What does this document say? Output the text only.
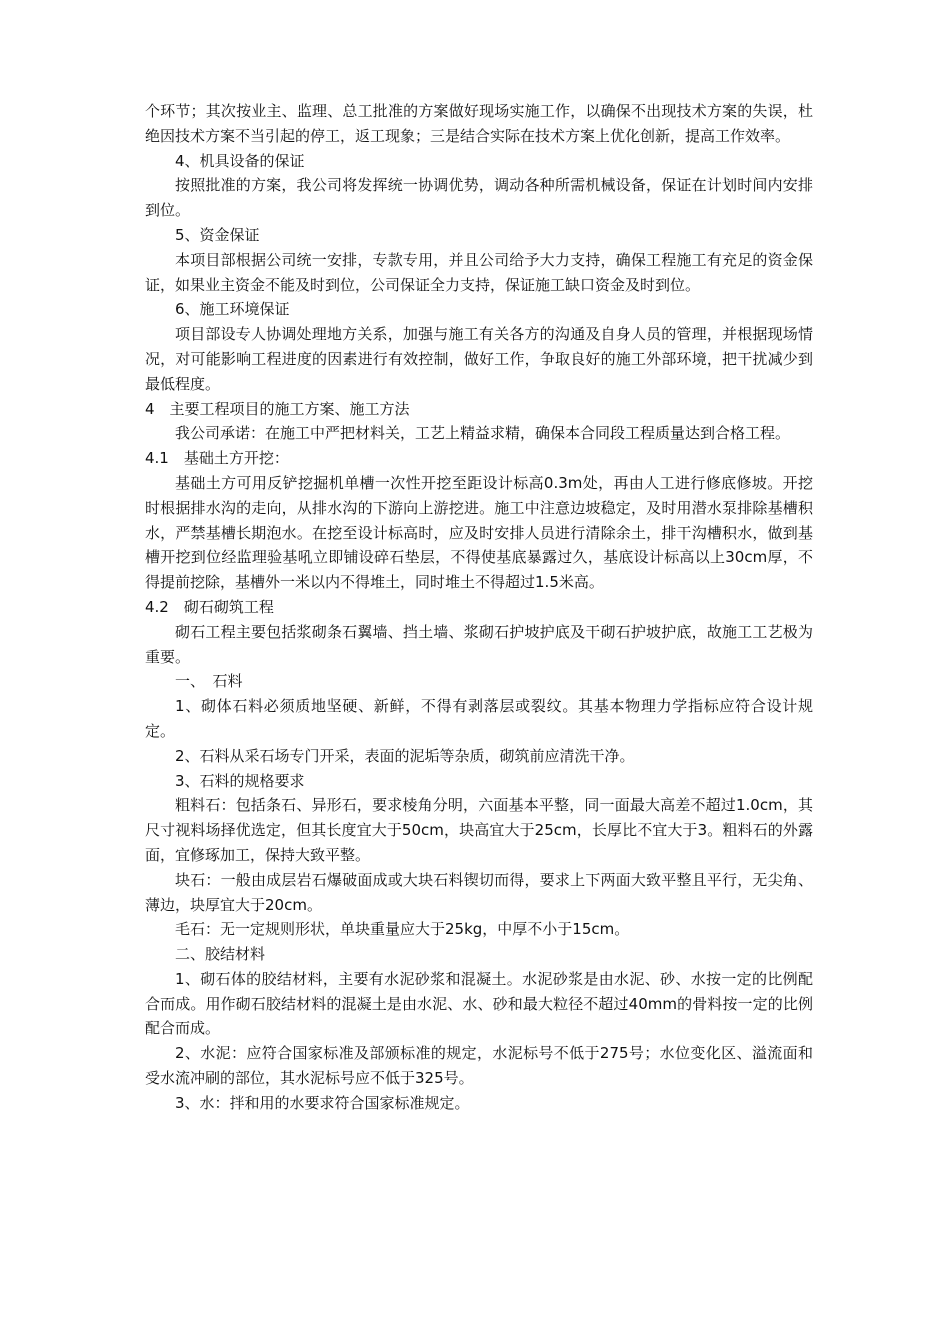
个环节；其次按业主、监理、总工批准的方案做好现场实施工作，以确保不出现技术方案的失误，杜绝因技术方案不当引起的停工，返工现象；三是结合实际在技术方案上优化创新，提高工作效率。

4、机具设备的保证

按照批准的方案，我公司将发挥统一协调优势，调动各种所需机械设备，保证在计划时间内安排到位。

5、资金保证

本项目部根据公司统一安排，专款专用，并且公司给予大力支持，确保工程施工有充足的资金保证，如果业主资金不能及时到位，公司保证全力支持，保证施工缺口资金及时到位。

6、施工环境保证

项目部设专人协调处理地方关系，加强与施工有关各方的沟通及自身人员的管理，并根据现场情况，对可能影响工程进度的因素进行有效控制，做好工作，争取良好的施工外部环境，把干扰减少到最低程度。

4　主要工程项目的施工方案、施工方法

我公司承诺：在施工中严把材料关，工艺上精益求精，确保本合同段工程质量达到合格工程。

4.1　基础土方开挖：

基础土方可用反铲挖掘机单槽一次性开挖至距设计标高0.3m处，再由人工进行修底修坡。开挖时根据排水沟的走向，从排水沟的下游向上游挖进。施工中注意边坡稳定，及时用潜水泵排除基槽积水，严禁基槽长期泡水。在挖至设计标高时，应及时安排人员进行清除余土，排干沟槽积水，做到基槽开挖到位经监理验基吼立即铺设碎石垫层，不得使基底暴露过久，基底设计标高以上30cm厚，不得提前挖除，基槽外一米以内不得堆土，同时堆土不得超过1.5米高。

4.2　砌石砌筑工程

砌石工程主要包括浆砌条石翼墙、挡土墙、浆砌石护坡护底及干砌石护坡护底，故施工工艺极为重要。

一、　石料

1、砌体石料必须质地坚硬、新鲜，不得有剥落层或裂纹。其基本物理力学指标应符合设计规定。

2、石料从采石场专门开采，表面的泥垢等杂质，砌筑前应清洗干净。

3、石料的规格要求

粗料石：包括条石、异形石，要求棱角分明，六面基本平整，同一面最大高差不超过1.0cm，其尺寸视料场择优选定，但其长度宜大于50cm，块高宜大于25cm，长厚比不宜大于3。粗料石的外露面，宜修琢加工，保持大致平整。

块石：一般由成层岩石爆破面成或大块石料锲切而得，要求上下两面大致平整且平行，无尖角、薄边，块厚宜大于20cm。

毛石：无一定规则形状，单块重量应大于25kg，中厚不小于15cm。

二、胶结材料

1、砌石体的胶结材料，主要有水泥砂浆和混凝土。水泥砂浆是由水泥、砂、水按一定的比例配合而成。用作砌石胶结材料的混凝土是由水泥、水、砂和最大粒径不超过40mm的骨料按一定的比例配合而成。

2、水泥：应符合国家标准及部颁标准的规定，水泥标号不低于275号；水位变化区、溢流面和受水流冲刷的部位，其水泥标号应不低于325号。

3、水：拌和用的水要求符合国家标准规定。
